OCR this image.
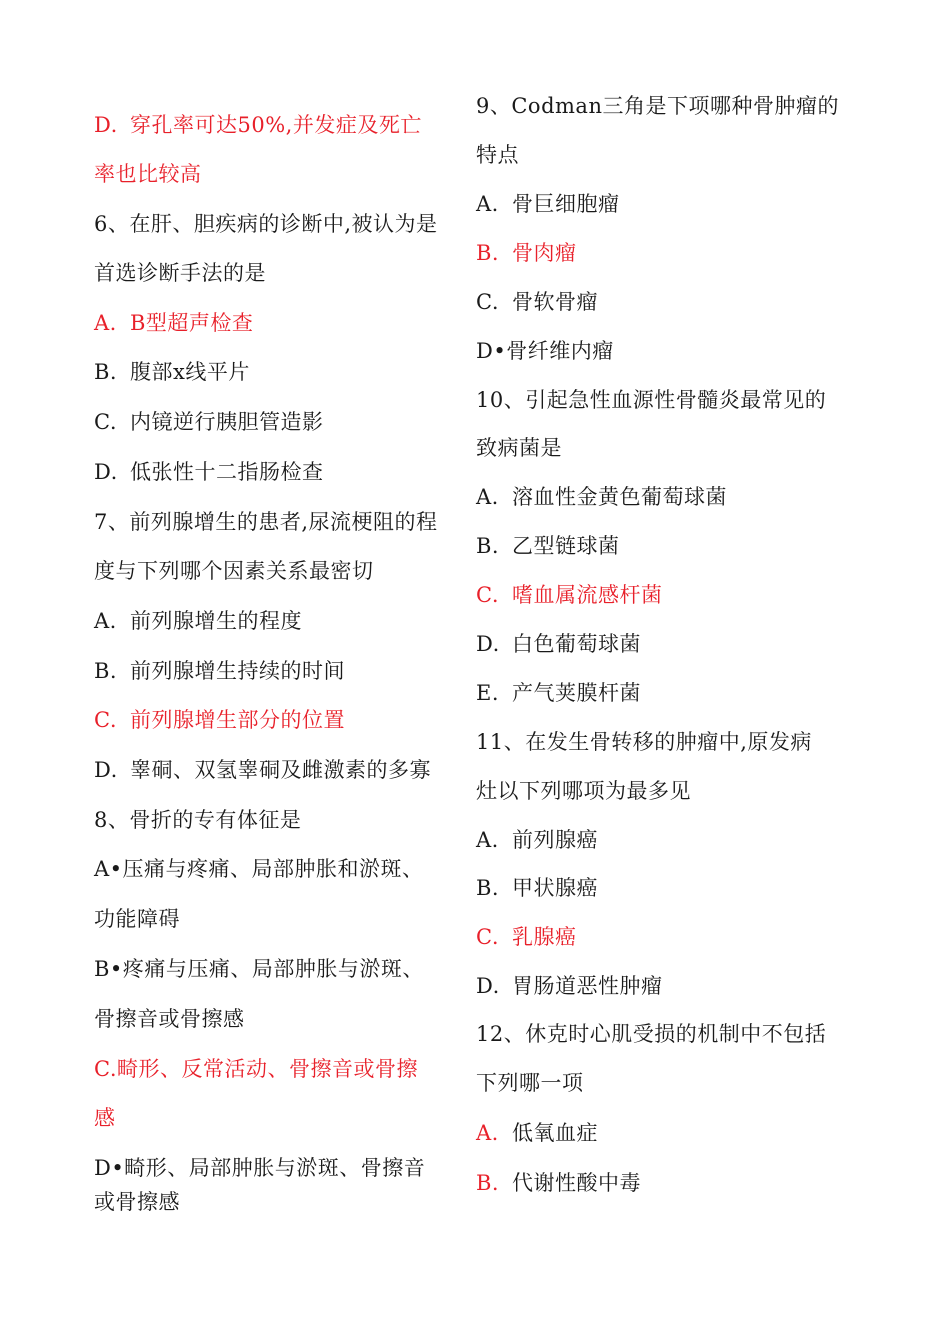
D. 穿孔率可达50%,并发症及死亡
率也比较高
6、在肝、胆疾病的诊断中,被认为是
首选诊断手法的是
A. B型超声检查
B. 腹部x线平片
C. 内镜逆行胰胆管造影
D. 低张性十二指肠检查
7、前列腺增生的患者,尿流梗阻的程
度与下列哪个因素关系最密切
A. 前列腺增生的程度
B. 前列腺增生持续的时间
C. 前列腺增生部分的位置
D. 睾硐、双氢睾硐及雌激素的多寡
8、骨折的专有体征是
A•压痛与疼痛、局部肿胀和淤斑、
功能障碍
B•疼痛与压痛、局部肿胀与淤斑、
骨擦音或骨擦感
C.畸形、反常活动、骨擦音或骨擦
感
D•畸形、局部肿胀与淤斑、骨擦音
或骨擦感
9、Codman三角是下项哪种骨肿瘤的
特点
A. 骨巨细胞瘤
B. 骨肉瘤
C. 骨软骨瘤
D•骨纤维内瘤
10、引起急性血源性骨髓炎最常见的
致病菌是
A. 溶血性金黄色葡萄球菌
B. 乙型链球菌
C. 嗜血属流感杆菌
D. 白色葡萄球菌
E. 产气荚膜杆菌
11、在发生骨转移的肿瘤中,原发病
灶以下列哪项为最多见
A. 前列腺癌
B. 甲状腺癌
C. 乳腺癌
D. 胃肠道恶性肿瘤
12、休克时心肌受损的机制中不包括
下列哪一项
A. 低氧血症
B. 代谢性酸中毒
